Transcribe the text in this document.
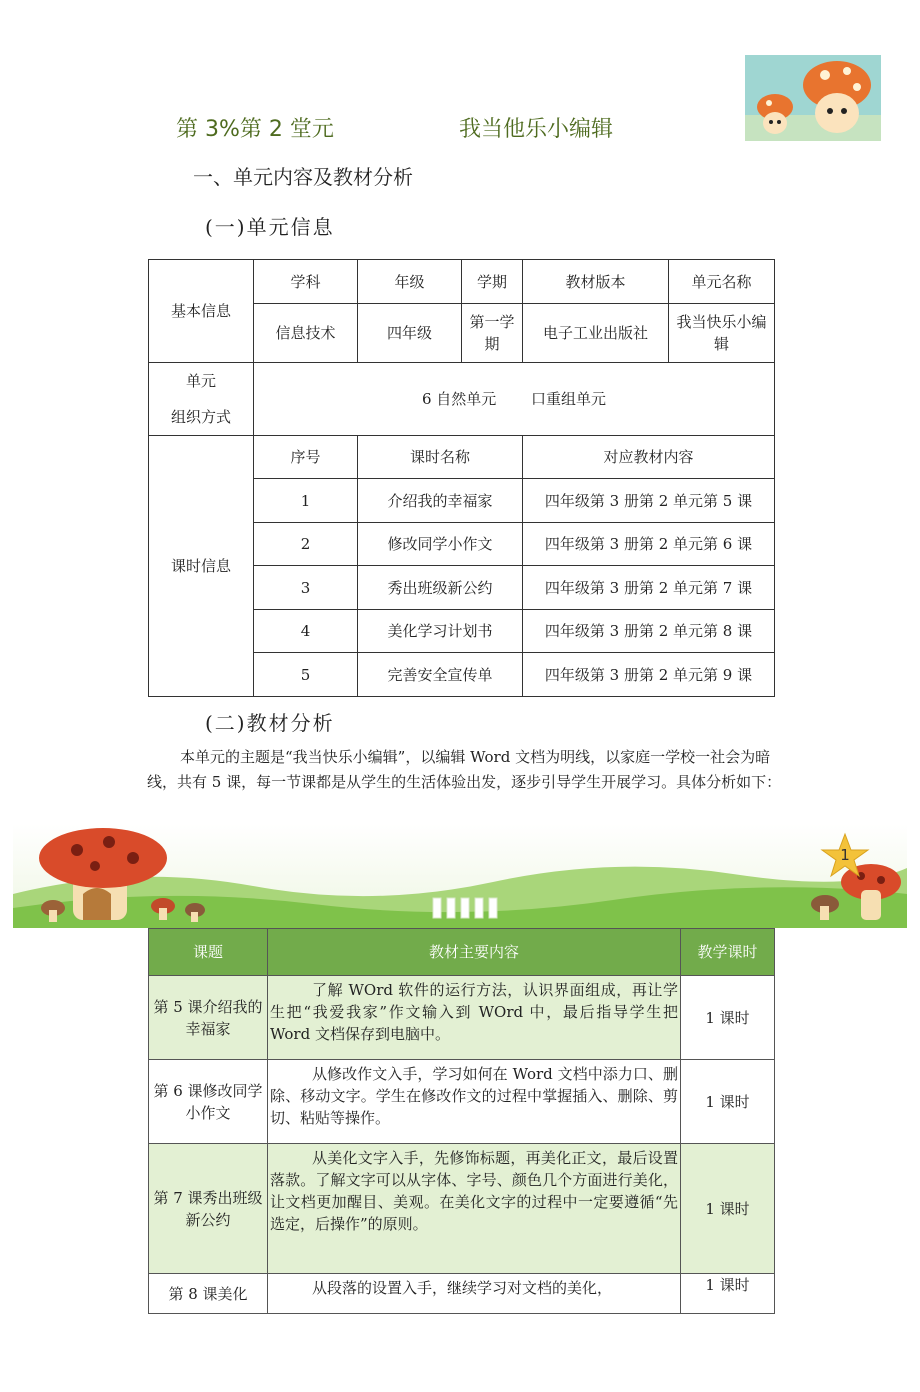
第 3%第 2 堂元	我当他乐小编辑
一、单元内容及教材分析
(一)单元信息
基本信息	学科	年级	学期	教材版本	单元名称
	信息技术	四年级	第一学期	电子工业出版社	我当快乐小编辑

单元
组织方式	6 自然单元　　 口重组单元				
课时信息	序号	课时名称		对应教材内容	
	1	介绍我的幸福家		四年级第 3 册第 2 单元第 5 课	
	2	修改同学小作文		四年级第 3 册第 2 单元第 6 课	
	3	秀出班级新公约		四年级第 3 册第 2 单元第 7 课	
	4	美化学习计划书		四年级第 3 册第 2 单元第 8 课	
	5	完善安全宣传单		四年级第 3 册第 2 单元第 9 课	
(二)教材分析

本单元的主题是“我当快乐小编辑”，以编辑 Word 文档为明线，以家庭一学校一社会为暗线，共有 5 课，每一节课都是从学生的生活体验出发，逐步引导学生开展学习。具体分析如下：

1
课题	教材主要内容	教学课时
第 5 课介绍我的幸福家	了解 WOrd 软件的运行方法，认识界面组成，再让学生把“我爱我家”作文输入到 WOrd 中，最后指导学生把 Word 文档保存到电脑中。	1 课时
第 6 课修改同学小作文	从修改作文入手，学习如何在 Word 文档中添力口、删除、移动文字。学生在修改作文的过程中掌握插入、删除、剪切、粘贴等操作。	1 课时
第 7 课秀出班级新公约	从美化文字入手，先修饰标题，再美化正文，最后设置落款。了解文字可以从字体、字号、颜色几个方面进行美化，让文档更加醒目、美观。在美化文字的过程中一定要遵循“先选定，后操作”的原则。	1 课时
第 8 课美化	从段落的设置入手，继续学习对文档的美化，	1 课时
